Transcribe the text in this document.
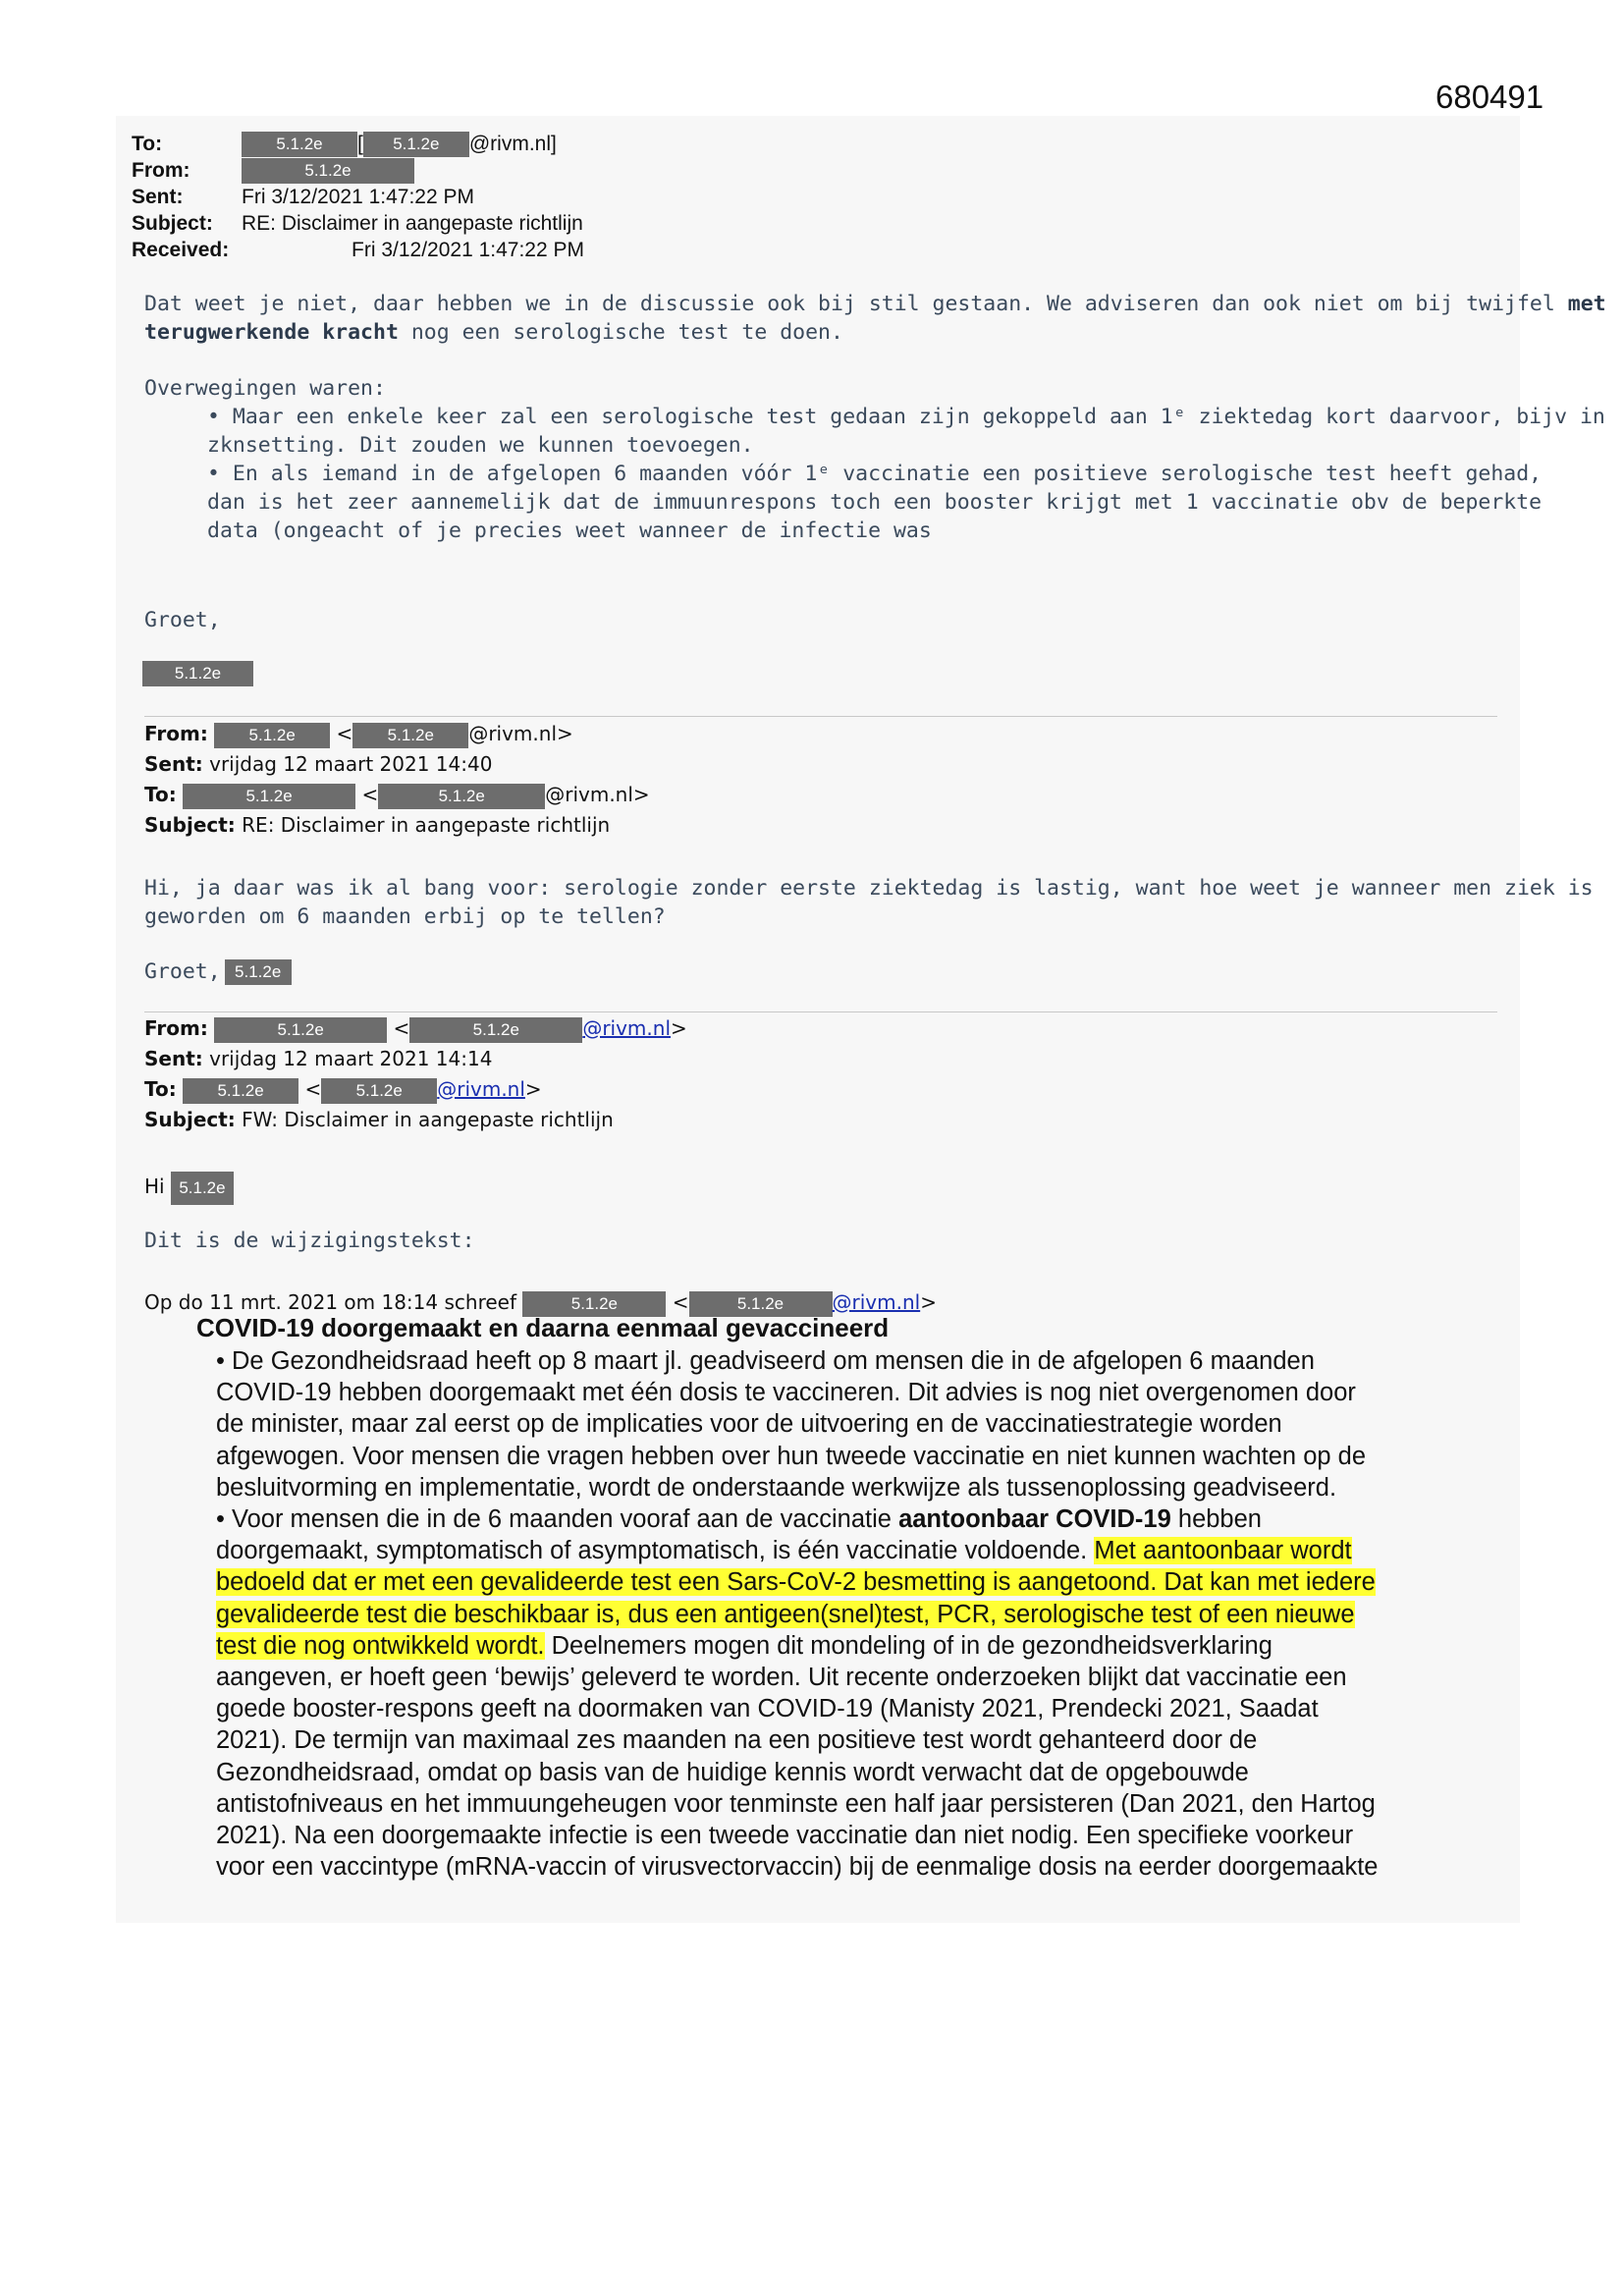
680491
To:	5.1.2e [ 5.1.2e @rivm.nl]
From:	5.1.2e
Sent:	Fri 3/12/2021 1:47:22 PM
Subject: RE: Disclaimer in aangepaste richtlijn
Received:	Fri 3/12/2021 1:47:22 PM
Dat weet je niet, daar hebben we in de discussie ook bij stil gestaan. We adviseren dan ook niet om bij twijfel met
terugwerkende kracht nog een serologische test te doen.
Overwegingen waren:
• Maar een enkele keer zal een serologische test gedaan zijn gekoppeld aan 1ᵉ ziektedag kort daarvoor, bijv in
zknsetting. Dit zouden we kunnen toevoegen.
• En als iemand in de afgelopen 6 maanden vóór 1ᵉ vaccinatie een positieve serologische test heeft gehad,
dan is het zeer aannemelijk dat de immuunrespons toch een booster krijgt met 1 vaccinatie obv de beperkte
data (ongeacht of je precies weet wanneer de infectie was
Groet,
5.1.2e
From: 5.1.2e < 5.1.2e @rivm.nl>
Sent: vrijdag 12 maart 2021 14:40
To:	5.1.2e	<	5.1.2e	@rivm.nl>
Subject: RE: Disclaimer in aangepaste richtlijn
Hi, ja daar was ik al bang voor: serologie zonder eerste ziektedag is lastig, want hoe weet je wanneer men ziek is
geworden om 6 maanden erbij op te tellen?
Groet, 5.1.2e
From:	5.1.2e	<	5.1.2e	@rivm.nl>
Sent: vrijdag 12 maart 2021 14:14
To: 5.1.2e < 5.1.2e @rivm.nl>
Subject: FW: Disclaimer in aangepaste richtlijn
Hi 5.1.2e
Dit is de wijzigingstekst:
Op do 11 mrt. 2021 om 18:14 schreef	5.1.2e	<	5.1.2e @rivm.nl>
COVID-19 doorgemaakt en daarna eenmaal gevaccineerd
• De Gezondheidsraad heeft op 8 maart jl. geadviseerd om mensen die in de afgelopen 6 maanden
COVID-19 hebben doorgemaakt met één dosis te vaccineren. Dit advies is nog niet overgenomen door
de minister, maar zal eerst op de implicaties voor de uitvoering en de vaccinatiestrategie worden
afgewogen. Voor mensen die vragen hebben over hun tweede vaccinatie en niet kunnen wachten op de
besluitvorming en implementatie, wordt de onderstaande werkwijze als tussenoplossing geadviseerd.
• Voor mensen die in de 6 maanden vooraf aan de vaccinatie aantoonbaar COVID-19 hebben
doorgemaakt, symptomatisch of asymptomatisch, is één vaccinatie voldoende. Met aantoonbaar wordt
bedoeld dat er met een gevalideerde test een Sars-CoV-2 besmetting is aangetoond. Dat kan met iedere
gevalideerde test die beschikbaar is, dus een antigeen(snel)test, PCR, serologische test of een nieuwe
test die nog ontwikkeld wordt. Deelnemers mogen dit mondeling of in de gezondheidsverklaring
aangeven, er hoeft geen ‘bewijs’ geleverd te worden. Uit recente onderzoeken blijkt dat vaccinatie een
goede booster-respons geeft na doormaken van COVID-19 (Manisty 2021, Prendecki 2021, Saadat
2021). De termijn van maximaal zes maanden na een positieve test wordt gehanteerd door de
Gezondheidsraad, omdat op basis van de huidige kennis wordt verwacht dat de opgebouwde
antistofniveaus en het immuungeheugen voor tenminste een half jaar persisteren (Dan 2021, den Hartog
2021). Na een doorgemaakte infectie is een tweede vaccinatie dan niet nodig. Een specifieke voorkeur
voor een vaccintype (mRNA-vaccin of virusvectorvaccin) bij de eenmalige dosis na eerder doorgemaakte
